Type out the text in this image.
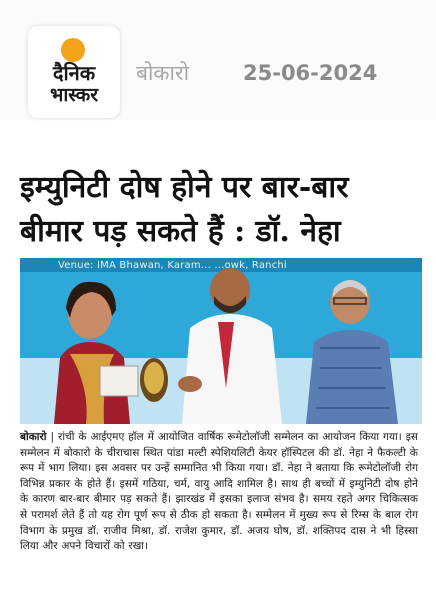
दैनिक
भास्कर
बोकारो	25-06-2024
इम्युनिटी दोष होने पर बार-बार
बीमार पड़ सकते हैं : डॉ. नेहा
Venue: IMA Bhawan, Karam... ...owk, Ranchi
बोकारो | रांची के आईएमए हॉल में आयोजित वार्षिक रूमेटोलॉजी सम्मेलन का आयोजन किया गया। इस सम्मेलन में बोकारो के चीराचास स्थित पांडा मल्टी स्पेशियलिटी केयर हॉस्पिटल की डॉ. नेहा ने फैकल्टी के रूप में भाग लिया। इस अवसर पर उन्हें सम्मानित भी किया गया। डॉ. नेहा ने बताया कि रूमेटोलॉजी रोग विभिन्न प्रकार के होते हैं। इसमें गठिया, चर्म, वायु आदि शामिल है। साथ ही बच्चों में इम्युनिटी दोष होने के कारण बार-बार बीमार पड़ सकते हैं। झारखंड में इसका इलाज संभव है। समय रहते अगर चिकित्सक से परामर्श लेते हैं तो यह रोग पूर्ण रूप से ठीक हो सकता है। सम्मेलन में मुख्य रूप से रिम्स के बाल रोग विभाग के प्रमुख डॉ. राजीव मिश्रा, डॉ. राजेश कुमार, डॉ. अजय घोष, डॉ. शक्तिपद दास ने भी हिस्सा लिया और अपने विचारों को रखा।
